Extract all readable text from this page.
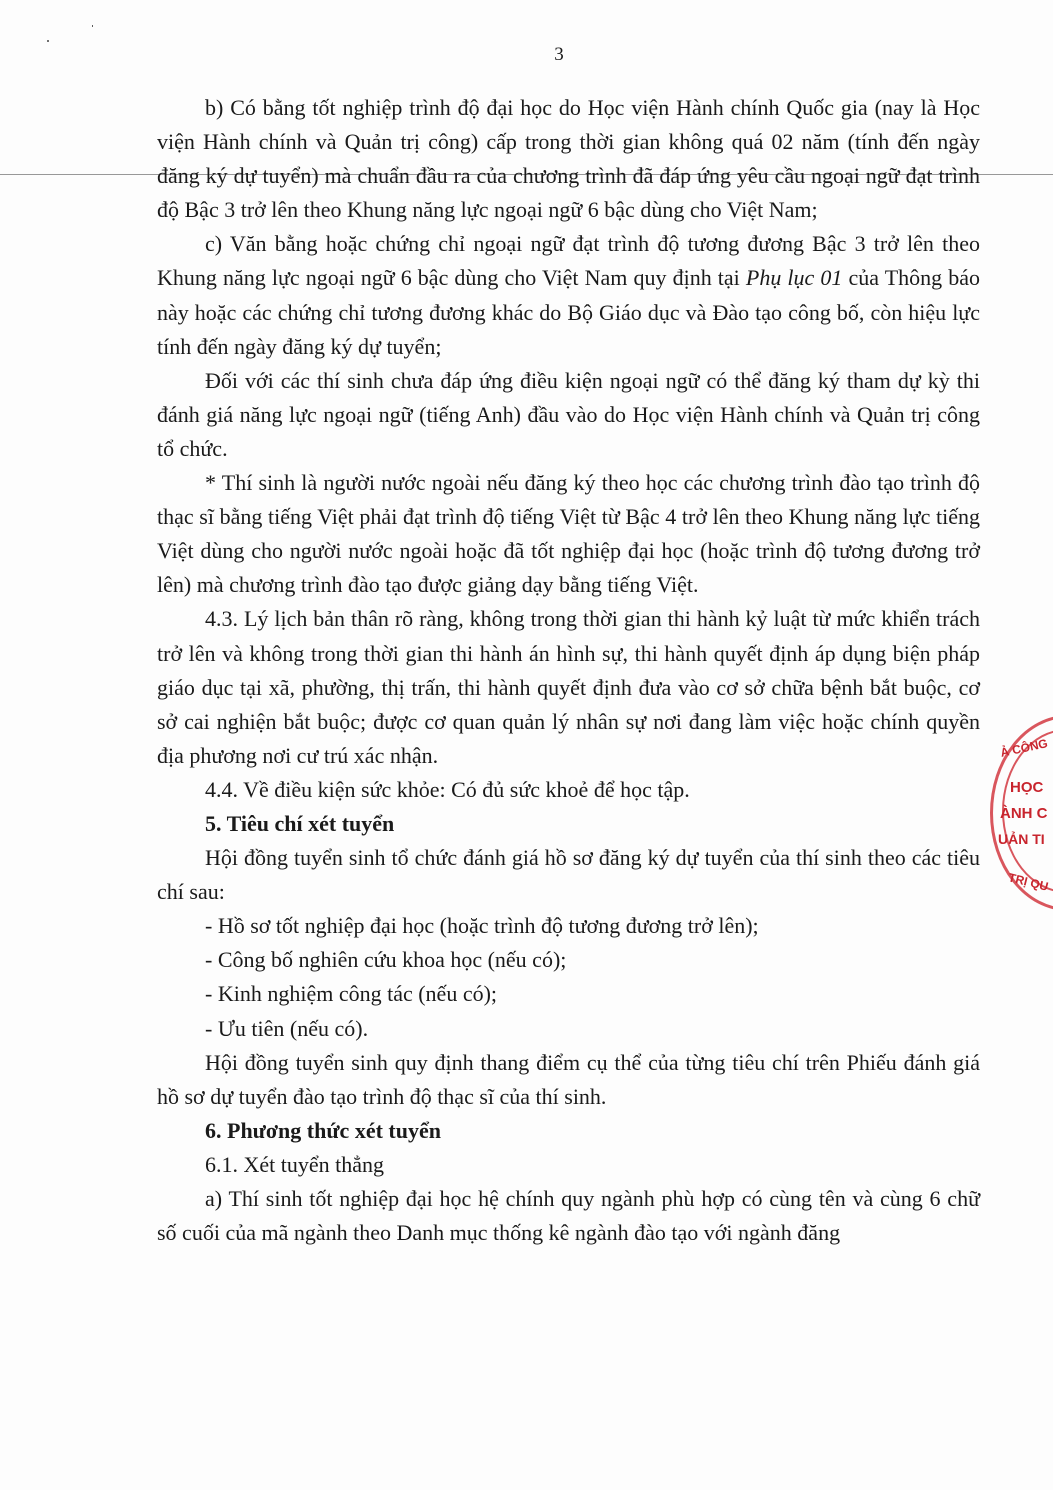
3

b) Có bằng tốt nghiệp trình độ đại học do Học viện Hành chính Quốc gia (nay là Học viện Hành chính và Quản trị công) cấp trong thời gian không quá 02 năm (tính đến ngày đăng ký dự tuyển) mà chuẩn đầu ra của chương trình đã đáp ứng yêu cầu ngoại ngữ đạt trình độ Bậc 3 trở lên theo Khung năng lực ngoại ngữ 6 bậc dùng cho Việt Nam;

c) Văn bằng hoặc chứng chỉ ngoại ngữ đạt trình độ tương đương Bậc 3 trở lên theo Khung năng lực ngoại ngữ 6 bậc dùng cho Việt Nam quy định tại Phụ lục 01 của Thông báo này hoặc các chứng chỉ tương đương khác do Bộ Giáo dục và Đào tạo công bố, còn hiệu lực tính đến ngày đăng ký dự tuyển;

Đối với các thí sinh chưa đáp ứng điều kiện ngoại ngữ có thể đăng ký tham dự kỳ thi đánh giá năng lực ngoại ngữ (tiếng Anh) đầu vào do Học viện Hành chính và Quản trị công tổ chức.

* Thí sinh là người nước ngoài nếu đăng ký theo học các chương trình đào tạo trình độ thạc sĩ bằng tiếng Việt phải đạt trình độ tiếng Việt từ Bậc 4 trở lên theo Khung năng lực tiếng Việt dùng cho người nước ngoài hoặc đã tốt nghiệp đại học (hoặc trình độ tương đương trở lên) mà chương trình đào tạo được giảng dạy bằng tiếng Việt.

4.3. Lý lịch bản thân rõ ràng, không trong thời gian thi hành kỷ luật từ mức khiển trách trở lên và không trong thời gian thi hành án hình sự, thi hành quyết định áp dụng biện pháp giáo dục tại xã, phường, thị trấn, thi hành quyết định đưa vào cơ sở chữa bệnh bắt buộc, cơ sở cai nghiện bắt buộc; được cơ quan quản lý nhân sự nơi đang làm việc hoặc chính quyền địa phương nơi cư trú xác nhận.

4.4. Về điều kiện sức khỏe: Có đủ sức khoẻ để học tập.

5. Tiêu chí xét tuyển

Hội đồng tuyển sinh tổ chức đánh giá hồ sơ đăng ký dự tuyển của thí sinh theo các tiêu chí sau:

- Hồ sơ tốt nghiệp đại học (hoặc trình độ tương đương trở lên);

- Công bố nghiên cứu khoa học (nếu có);

- Kinh nghiệm công tác (nếu có);

- Ưu tiên (nếu có).

Hội đồng tuyển sinh quy định thang điểm cụ thể của từng tiêu chí trên Phiếu đánh giá hồ sơ dự tuyển đào tạo trình độ thạc sĩ của thí sinh.

6. Phương thức xét tuyển

6.1. Xét tuyển thẳng

a) Thí sinh tốt nghiệp đại học hệ chính quy ngành phù hợp có cùng tên và cùng 6 chữ số cuối của mã ngành theo Danh mục thống kê ngành đào tạo với ngành đăng

Ả CÔNG
HỌC
ÀNH C
UẢN TI
TRỊ QU
